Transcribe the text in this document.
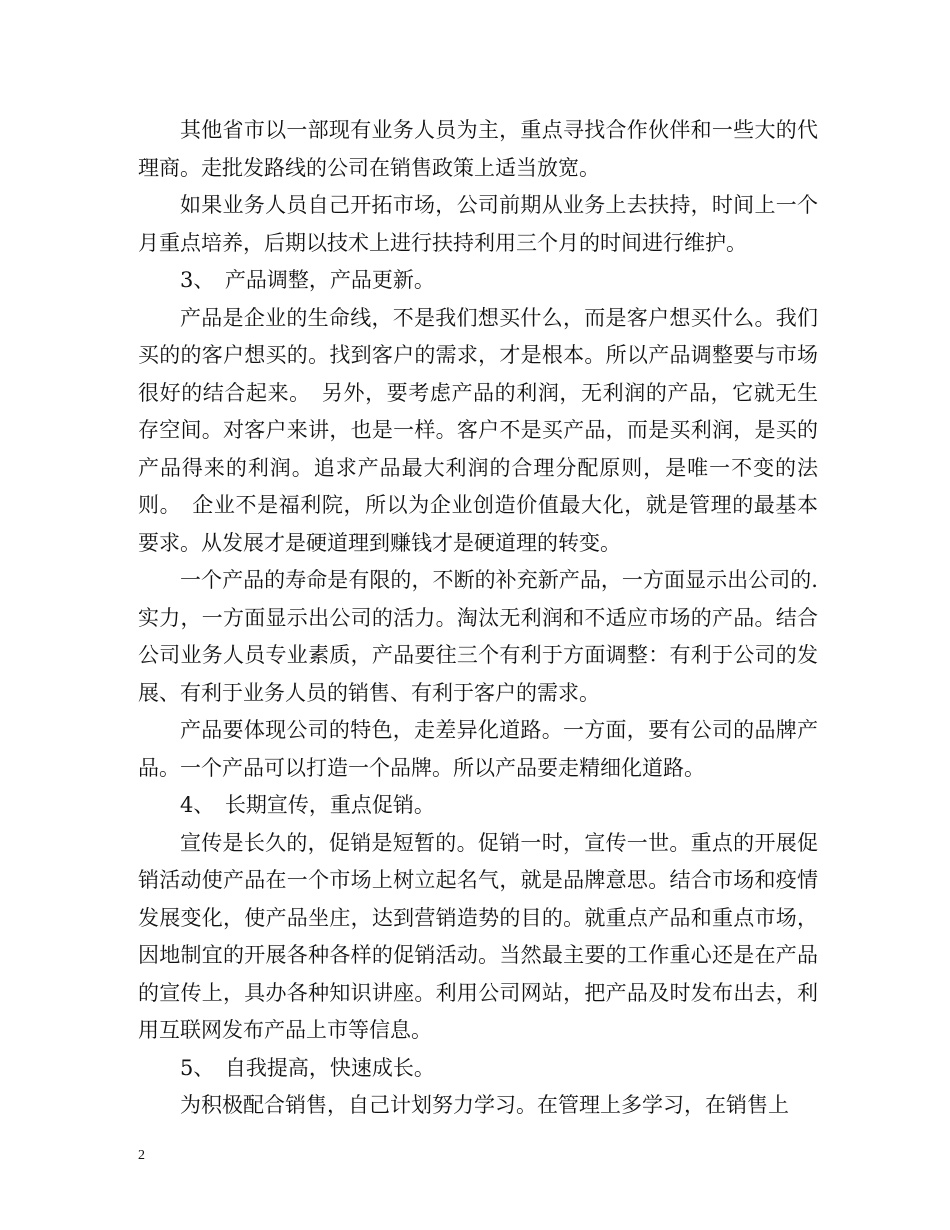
其他省市以一部现有业务人员为主，重点寻找合作伙伴和一些大的代理商。走批发路线的公司在销售政策上适当放宽。

如果业务人员自己开拓市场，公司前期从业务上去扶持，时间上一个月重点培养，后期以技术上进行扶持利用三个月的时间进行维护。

3、　产品调整，产品更新。

产品是企业的生命线，不是我们想买什么，而是客户想买什么。我们买的的客户想买的。找到客户的需求，才是根本。所以产品调整要与市场很好的结合起来。　另外，要考虑产品的利润，无利润的产品，它就无生存空间。对客户来讲，也是一样。客户不是买产品，而是买利润，是买的产品得来的利润。追求产品最大利润的合理分配原则，是唯一不变的法则。　企业不是福利院，所以为企业创造价值最大化，就是管理的最基本要求。从发展才是硬道理到赚钱才是硬道理的转变。

一个产品的寿命是有限的，不断的补充新产品，一方面显示出公司的.实力，一方面显示出公司的活力。淘汰无利润和不适应市场的产品。结合公司业务人员专业素质，产品要往三个有利于方面调整：有利于公司的发展、有利于业务人员的销售、有利于客户的需求。

产品要体现公司的特色，走差异化道路。一方面，要有公司的品牌产品。一个产品可以打造一个品牌。所以产品要走精细化道路。

4、　长期宣传，重点促销。

宣传是长久的，促销是短暂的。促销一时，宣传一世。重点的开展促销活动使产品在一个市场上树立起名气，就是品牌意思。结合市场和疫情发展变化，使产品坐庄，达到营销造势的目的。就重点产品和重点市场，因地制宜的开展各种各样的促销活动。当然最主要的工作重心还是在产品的宣传上，具办各种知识讲座。利用公司网站，把产品及时发布出去，利用互联网发布产品上市等信息。

5、　自我提高，快速成长。

为积极配合销售，自己计划努力学习。在管理上多学习，在销售上

2
